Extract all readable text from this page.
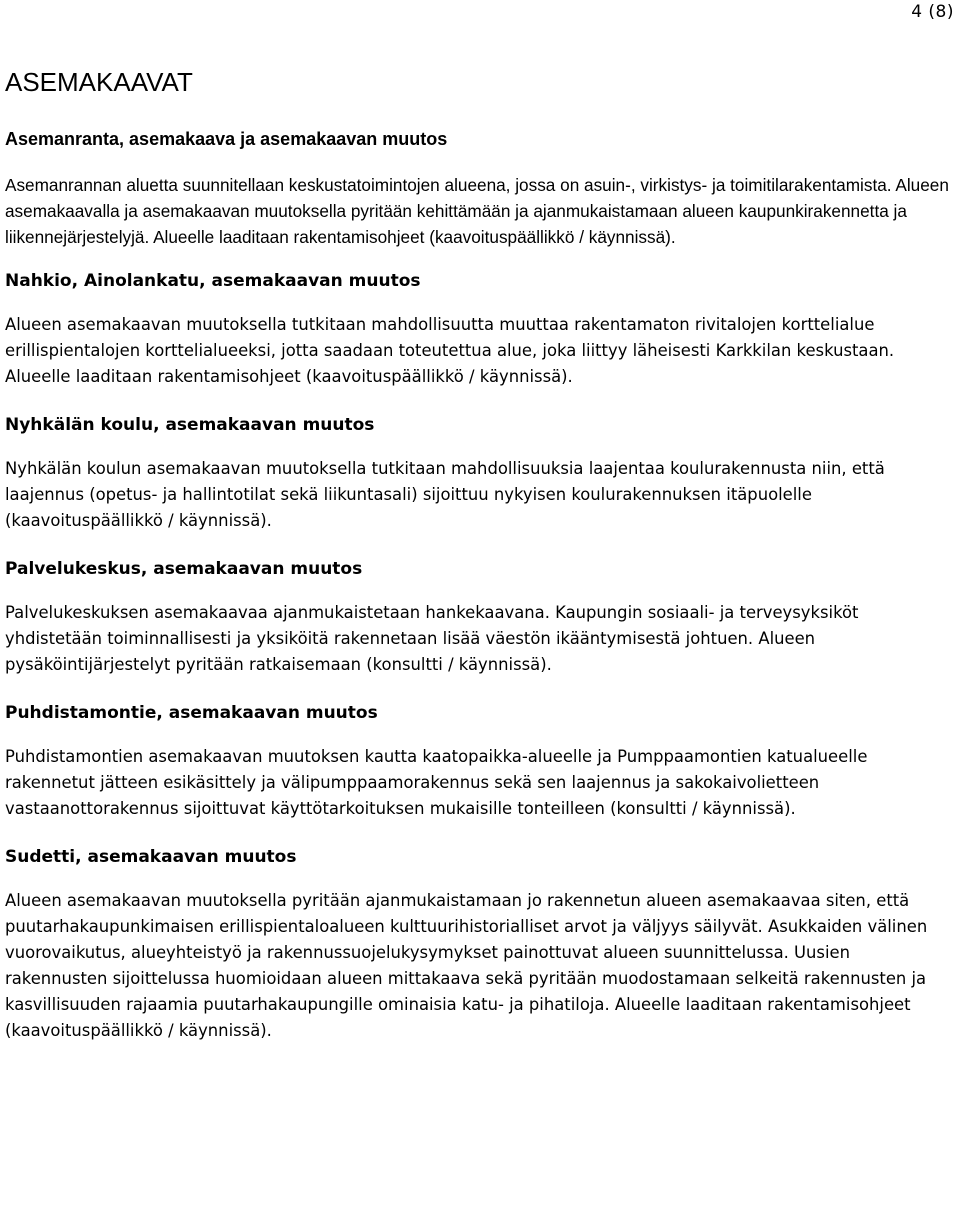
4 (8)
ASEMAKAAVAT
Asemanranta, asemakaava ja asemakaavan muutos

Asemanrannan aluetta suunnitellaan keskustatoimintojen alueena, jossa on asuin-, virkistys- ja toimitilarakentamista. Alueen asemakaavalla ja asemakaavan muutoksella pyritään kehittämään ja ajanmukaistamaan alueen kaupunkirakennetta ja liikennejärjestelyjä. Alueelle laaditaan rakentamisohjeet (kaavoituspäällikkö / käynnissä).

Nahkio, Ainolankatu, asemakaavan muutos

Alueen asemakaavan muutoksella tutkitaan mahdollisuutta muuttaa rakentamaton rivitalojen korttelialue erillispientalojen korttelialueeksi, jotta saadaan toteutettua alue, joka liittyy läheisesti Karkkilan keskustaan. Alueelle laaditaan rakentamisohjeet (kaavoituspäällikkö / käynnissä).

Nyhkälän koulu, asemakaavan muutos

Nyhkälän koulun asemakaavan muutoksella tutkitaan mahdollisuuksia laajentaa koulurakennusta niin, että laajennus (opetus- ja hallintotilat sekä liikuntasali) sijoittuu nykyisen koulurakennuksen itäpuolelle (kaavoituspäällikkö / käynnissä).

Palvelukeskus, asemakaavan muutos

Palvelukeskuksen asemakaavaa ajanmukaistetaan hankekaavana. Kaupungin sosiaali- ja terveysyksiköt yhdistetään toiminnallisesti ja yksiköitä rakennetaan lisää väestön ikääntymisestä johtuen. Alueen pysäköintijärjestelyt pyritään ratkaisemaan (konsultti / käynnissä).

Puhdistamontie, asemakaavan muutos

Puhdistamontien asemakaavan muutoksen kautta kaatopaikka-alueelle ja Pumppaamontien katualueelle rakennetut jätteen esikäsittely ja välipumppaamorakennus sekä sen laajennus ja sakokaivolietteen vastaanottorakennus sijoittuvat käyttötarkoituksen mukaisille tonteilleen (konsultti / käynnissä).

Sudetti, asemakaavan muutos

Alueen asemakaavan muutoksella pyritään ajanmukaistamaan jo rakennetun alueen asemakaavaa siten, että puutarhakaupunkimaisen erillispientaloalueen kulttuurihistorialliset arvot ja väljyys säilyvät. Asukkaiden välinen vuorovaikutus, alueyhteistyö ja rakennussuojelukysymykset painottuvat alueen suunnittelussa. Uusien rakennusten sijoittelussa huomioidaan alueen mittakaava sekä pyritään muodostamaan selkeitä rakennusten ja kasvillisuuden rajaamia puutarhakaupungille ominaisia katu- ja pihatiloja. Alueelle laaditaan rakentamisohjeet (kaavoituspäällikkö / käynnissä).
